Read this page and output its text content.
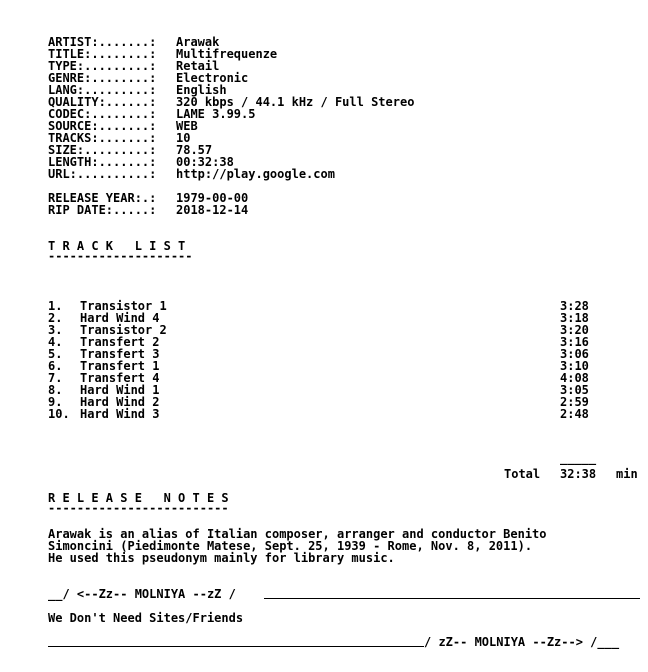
ARTIST:.......: Arawak
TITLE:........: Multifrequenze
TYPE:.........: Retail
GENRE:........: Electronic
LANG:.........: English
QUALITY:......: 320 kbps / 44.1 kHz / Full Stereo
CODEC:........: LAME 3.99.5
SOURCE:.......: WEB
TRACKS:.......: 10
SIZE:.........: 78.57
LENGTH:.......: 00:32:38
URL:..........: http://play.google.com
RELEASE YEAR:.: 1979-00-00
RIP DATE:.....: 2018-12-14
T R A C K   L I S T
--------------------
1. Transistor 1	3:28
2. Hard Wind 4	3:18
3. Transistor 2	3:20
4. Transfert 2	3:16
5. Transfert 3	3:06
6. Transfert 1	3:10
7. Transfert 4	4:08
8. Hard Wind 1	3:05
9. Hard Wind 2	2:59
10. Hard Wind 3	2:48
_____
Total 32:38 min
R E L E A S E   N O T E S
-------------------------
Arawak is an alias of Italian composer, arranger and conductor Benito
Simoncini (Piedimonte Matese, Sept. 25, 1939 - Rome, Nov. 8, 2011).
He used this pseudonym mainly for library music.
__/ <--Zz-- MOLNIYA --zZ /
We Don't Need Sites/Friends
/ zZ-- MOLNIYA --Zz--> /___
